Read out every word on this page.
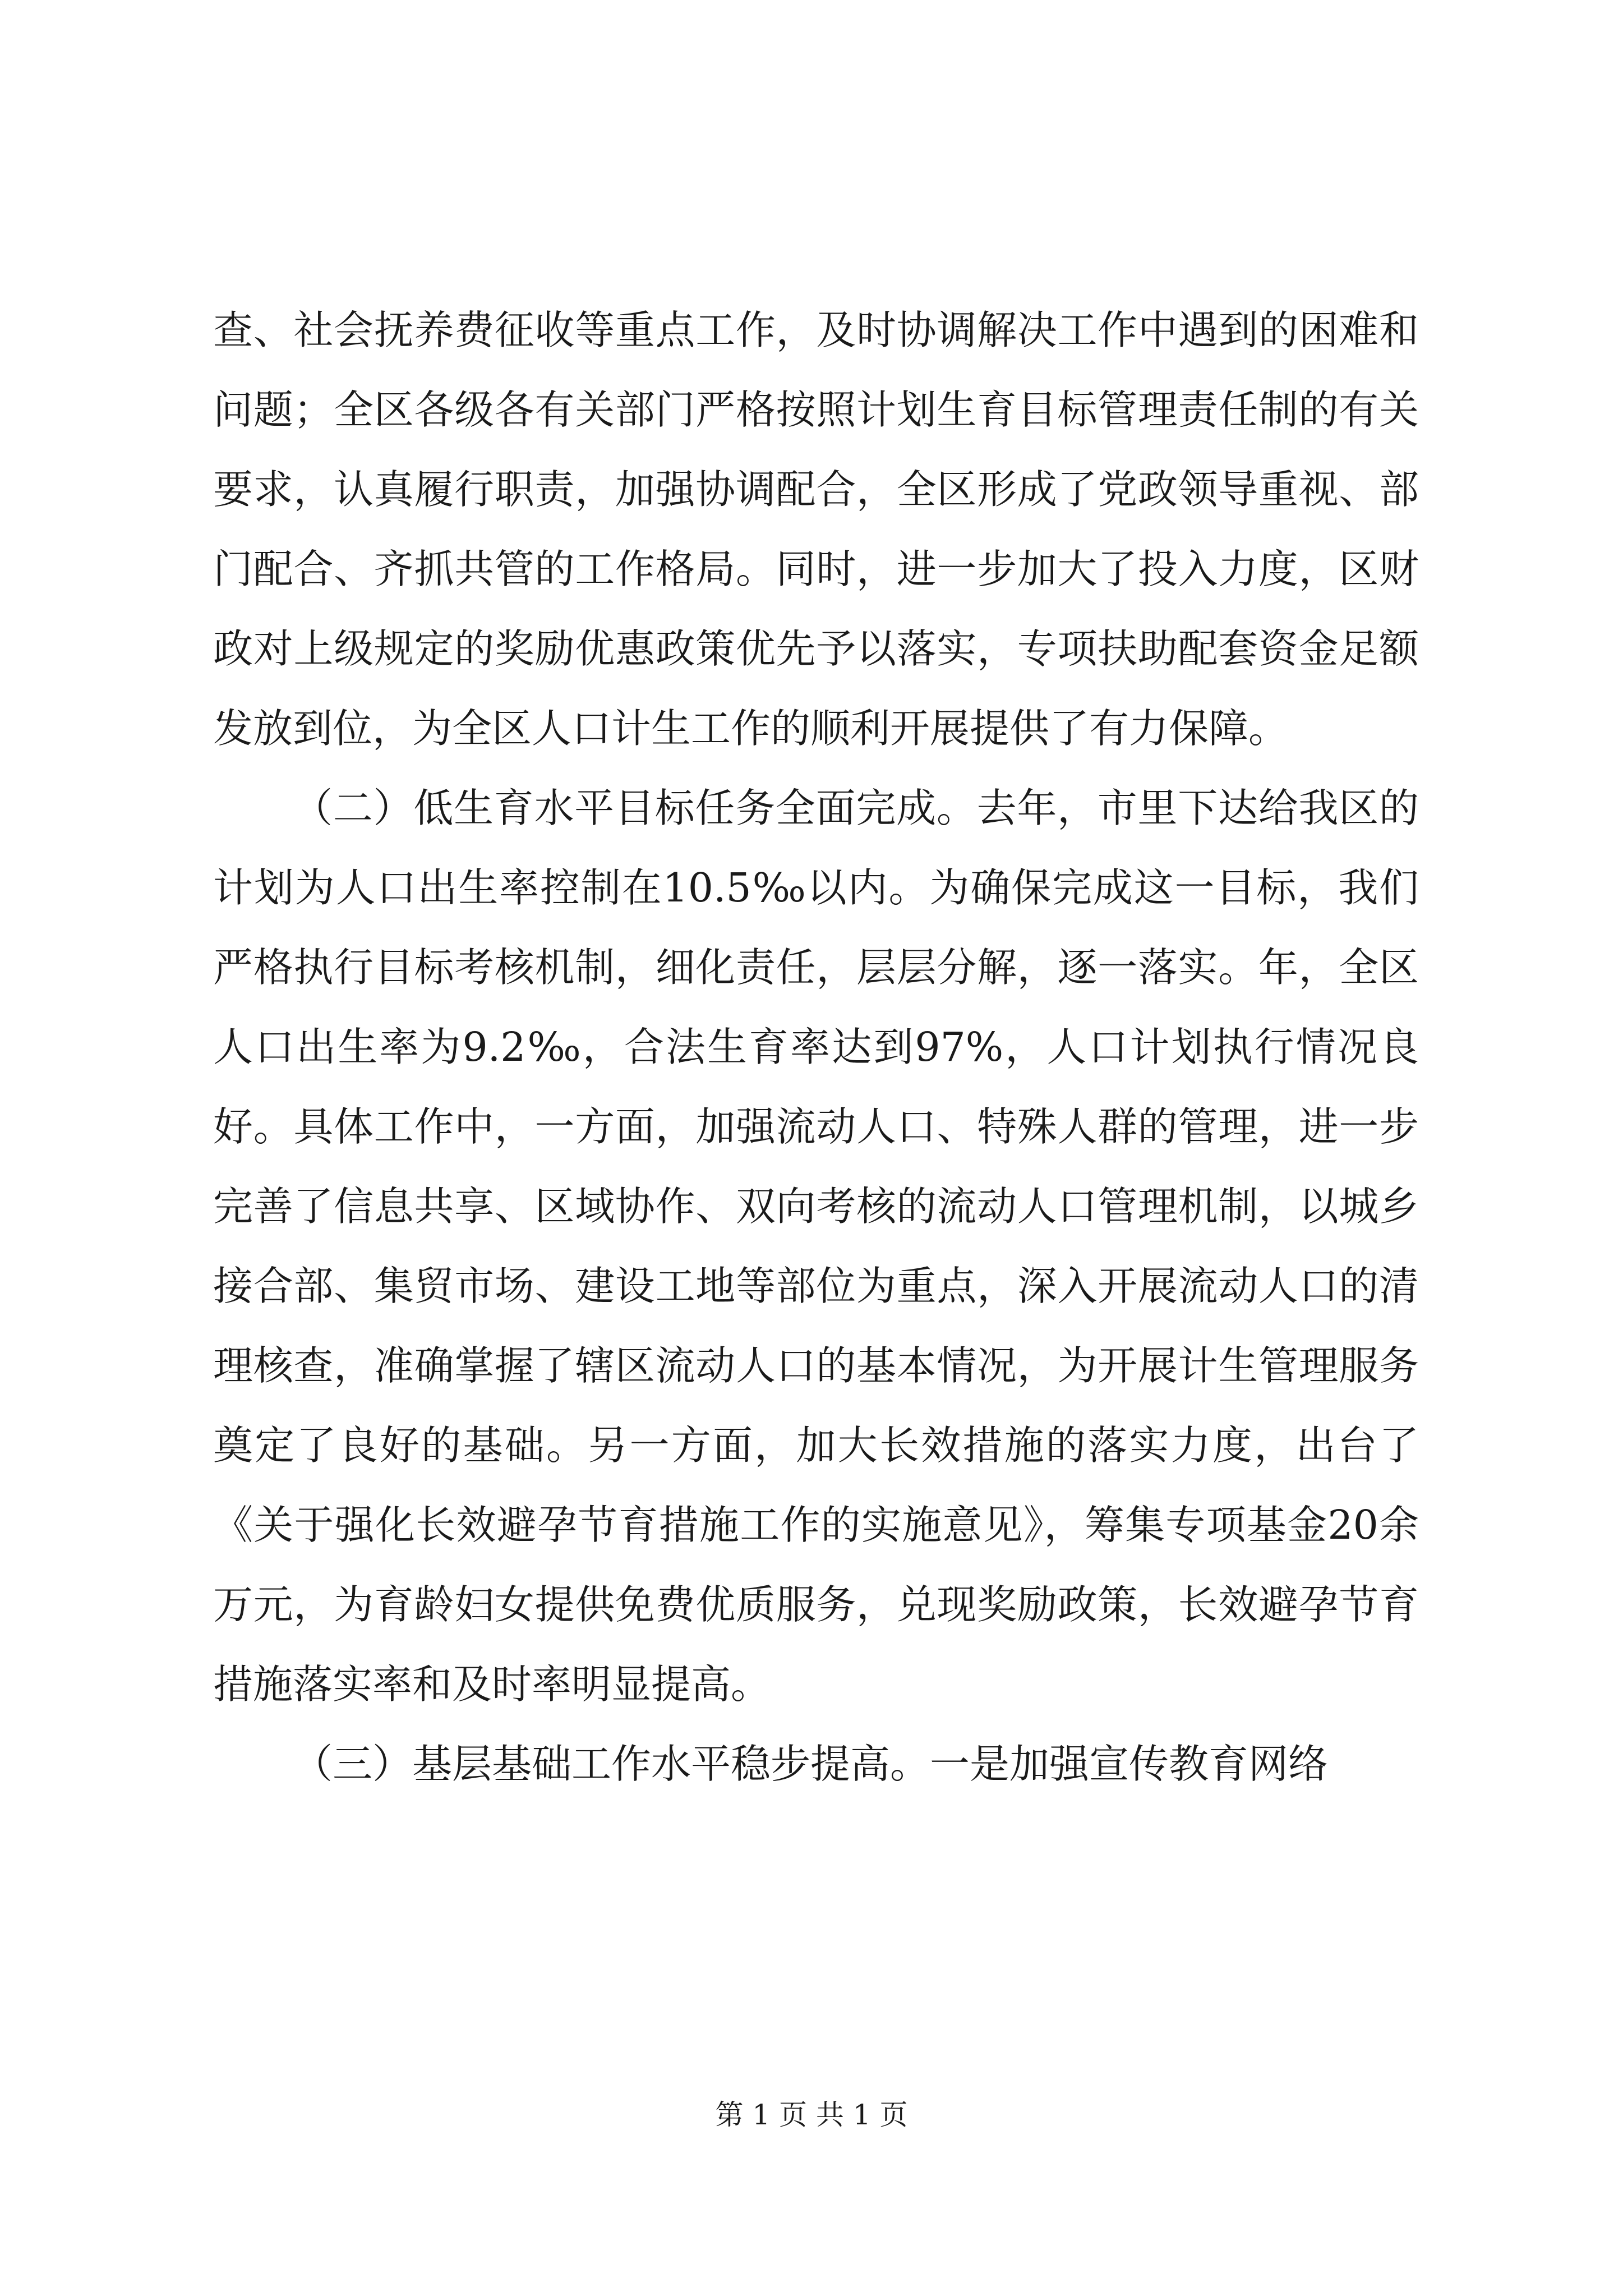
查、社会抚养费征收等重点工作，及时协调解决工作中遇到的困难和问题；全区各级各有关部门严格按照计划生育目标管理责任制的有关要求，认真履行职责，加强协调配合，全区形成了党政领导重视、部门配合、齐抓共管的工作格局。同时，进一步加大了投入力度，区财政对上级规定的奖励优惠政策优先予以落实，专项扶助配套资金足额发放到位，为全区人口计生工作的顺利开展提供了有力保障。

（二）低生育水平目标任务全面完成。去年，市里下达给我区的计划为人口出生率控制在10.5‰以内。为确保完成这一目标，我们严格执行目标考核机制，细化责任，层层分解，逐一落实。年，全区人口出生率为9.2‰，合法生育率达到97%，人口计划执行情况良好。具体工作中，一方面，加强流动人口、特殊人群的管理，进一步完善了信息共享、区域协作、双向考核的流动人口管理机制，以城乡接合部、集贸市场、建设工地等部位为重点，深入开展流动人口的清理核查，准确掌握了辖区流动人口的基本情况，为开展计生管理服务奠定了良好的基础。另一方面，加大长效措施的落实力度，出台了《关于强化长效避孕节育措施工作的实施意见》，筹集专项基金20余万元，为育龄妇女提供免费优质服务，兑现奖励政策，长效避孕节育措施落实率和及时率明显提高。

（三）基层基础工作水平稳步提高。一是加强宣传教育网络

第 1 页 共 1 页
